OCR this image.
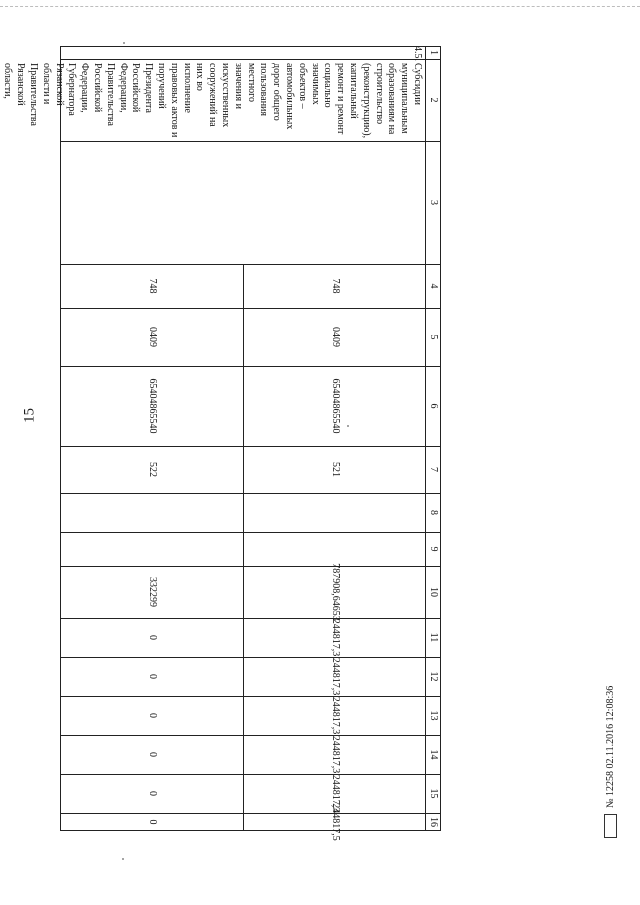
15
1
2
3
4
5
6
7
8
9
10
11
12
13
14
15
16
4.5.
Субсидии муниципальным образованиям на строительство (реконструкцию), капитальный ремонт и ремонт социально значимых объектов – автомобильных дорог общего пользования местного значения и искусственных сооружений на них во исполнение правовых актов и поручений Президента Российской Федерации, Правительства Российской Федерации, Губернатора Рязанской области и Правительства Рязанской области,
748
0409
65404865540
521
787908,64653
244817,3
244817,3
244817,3
244817,3
244817,3
244817,5
748
0409
65404865540
522
332299
0
0
0
0
0
0
№ 12258 02.11.2016 12:08:36
